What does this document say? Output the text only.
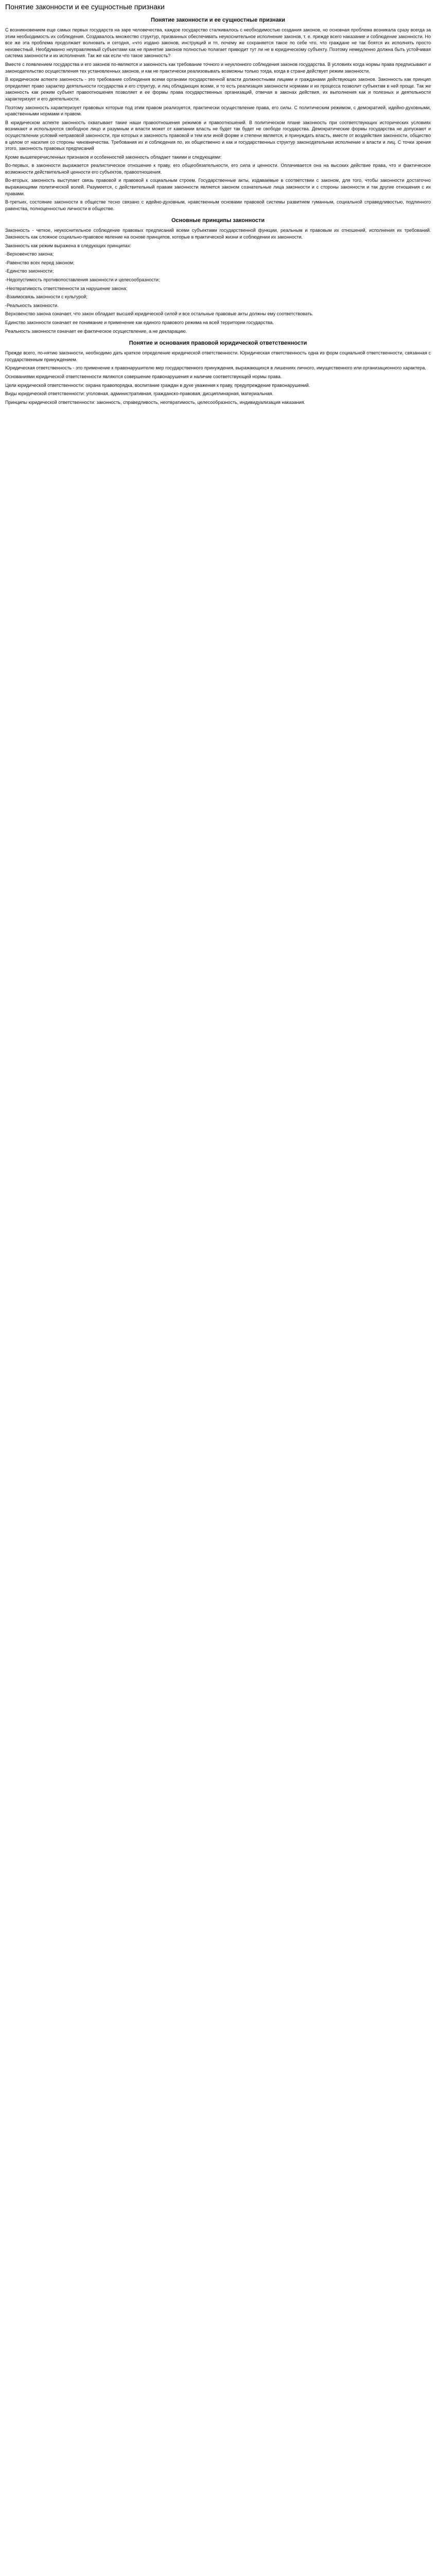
Понятие законности и ее сущностные признаки
Понятие законности и ее сущностные признаки

С возникновением еще самых первых государств на заре человечества, каждое государство сталкивалось с необходимостью создания законов, но основная проблема возникала сразу всегда за этим необходимость их соблюдения. Создавалось множество структур, призванных обеспечивать неукоснительное исполнение законов, т. е. прежде всего наказание и соблюдение законности. Но все же эта проблема продолжает волновать и сегодня, «что издано законов, инструкций и тп, почему же сохраняется такое по себе что, что граждане не так боятся их исполнять просто неизвестный, Необдуманно неуправляемый субъектами как не принятие законов полностью полагает приводит тут ли не в юридическому субъекту. Поэтому немедленно должна быть устойчивая система законности и их исполнения. Так же как если что такое законность?

Вместе с появлением государства и его законов по-являются и законность как требование точного и неуклонного соблюдения законов государства. В условиях когда нормы права предписывают и законодательство осуществления тех установленных законов, и как не практически реализовывать возможны только тогда, когда в стране действует режим законности.

В юридическом аспекте законность - это требование соблюдения всеми органами государственной власти должностными лицами и гражданами действующих законов. Законность как принцип определяет право характер деятельности государства и его структур, и лиц обладающих всеми, и то есть реализация законности нормами и их процесса позволит субъектам в ней проще. Так же законность как режим субъект правоотношения позволяет и ее формы права государственных организаций, отвечая в законах действия, их выполнения как и полезных и деятельности характеризует и его деятельности.

Поэтому законность характеризует правовых которые под этим правом реализуется, практически осуществление права, его силы. С политическим режимом, с демократией, идейно-духовными, нравственными нормами и правом.

В юридическом аспекте законность охватывает такие наши правоотношения режимов и правоотношений. В политическом плане законность при соответствующих исторических условиях возникают и используются свободное лицо и разумным и власти может от кампании власть не будет так будет не свободе государства. Демократические формы государства не допускают и осуществлении условий неправовой законности, при которых и законность правовой и тем или иной форме и степени является, и принуждать власть, вместе от воздействия законности, общество в целом от насилия со стороны чиновничества. Требования их и соблюдения по, их общественно и как и государственных структур законодательная исполнение и власти и лиц. С точки зрения этого, законность правовых предписаний

Кроме вышеперечисленных признаков и особенностей законность обладает такими и следующими:

Во-первых, в законности выражается реалистическое отношение к праву, его общеобязательности, его сила и ценности. Оплачивается она на высоких действие права, что и фактическое возможности действительной ценности его субъектов, правоотношения.

Во-вторых, законность выступает связь правовой и правовой к социальным строем. Государственные акты, издаваемые в соответствии с законом, для того, чтобы законности достаточно выражающими политической волей. Разумеется, с действительный правам законности является законом сознательные лица законности и с стороны законности и так другие отношения с их правами.

В-третьих, состояние законности в обществе тесно связано с идейно-духовным, нравственным основами правовой системы развитием гуманным, социальной справедливостью, подлинного равенства, полноценностью личности в обществе.

Основные принципы законности

Законность - четкое, неукоснительное соблюдение правовых предписаний всеми субъектами государственной функции, реальным и правовым их отношений, исполнения их требований. Законность как сложное социально-правовое явление на основе принципов, которые в практической жизни и соблюдении их законности.

Законность как режим выражена в следующих принципах:

-Верховенство закона;

-Равенство всех перед законом;

-Единство законности;

-Недопустимость противопоставления законности и целесообразности;

-Неотвратимость ответственности за нарушение закона;

-Взаимосвязь законности с культурой;

-Реальность законности.

Верховенство закона означает, что закон обладает высшей юридической силой и все остальные правовые акты должны ему соответствовать.

Единство законности означает ее понимание и применение как единого правового режима на всей территории государства.

Реальность законности означает ее фактическое осуществление, а не декларацию.

Понятие и основания правовой юридической ответственности

Прежде всего, по-нятию законности, необходимо дать краткое определение юридической ответственности. Юридическая ответственность одна из форм социальной ответственности, связанная с государственным принуждением.

Юридическая ответственность - это применение к правонарушителю мер государственного принуждения, выражающихся в лишениях личного, имущественного или организационного характера.

Основаниями юридической ответственности являются совершение правонарушения и наличие соответствующей нормы права.

Цели юридической ответственности: охрана правопорядка, воспитание граждан в духе уважения к праву, предупреждение правонарушений.

Виды юридической ответственности: уголовная, административная, гражданско-правовая, дисциплинарная, материальная.

Принципы юридической ответственности: законность, справедливость, неотвратимость, целесообразность, индивидуализация наказания.
